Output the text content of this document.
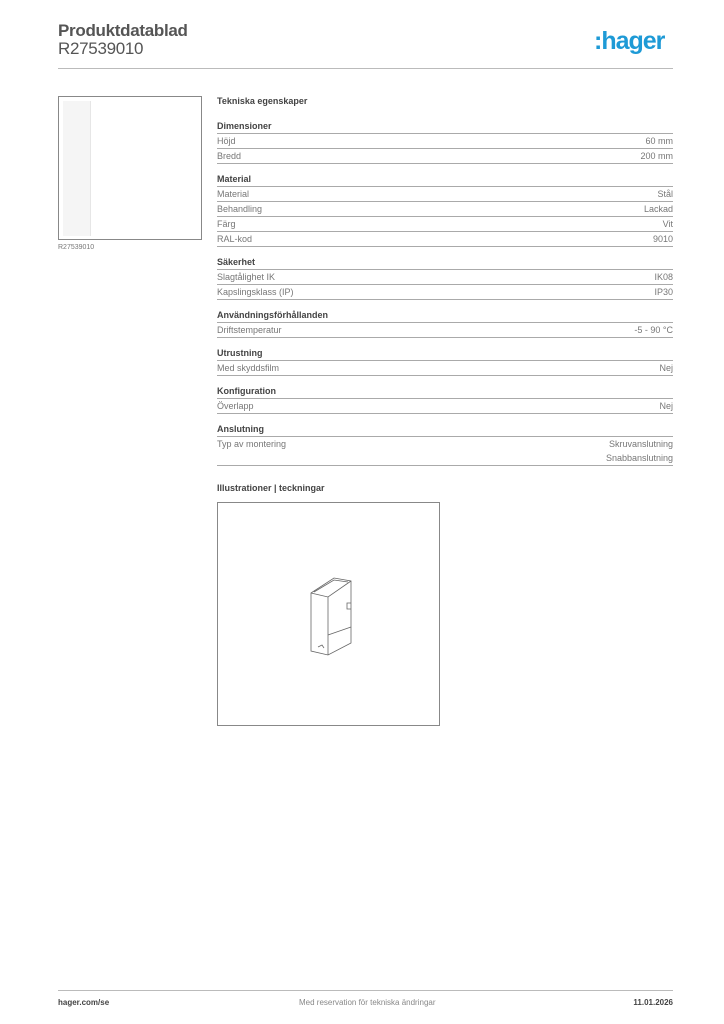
Produktdatablad
R27539010	:hager
R27539010
Tekniska egenskaper
Dimensioner
Höjd	60 mm
Bredd	200 mm
Material
Material	Stål
Behandling	Lackad
Färg	Vit
RAL-kod	9010
Säkerhet
Slagtålighet IK	IK08
Kapslingsklass (IP)	IP30
Användningsförhållanden
Driftstemperatur	-5 - 90 °C
Utrustning
Med skyddsfilm	Nej
Konfiguration
Överlapp	Nej
Anslutning
Typ av montering	Skruvanslutning
Snabbanslutning
Illustrationer | teckningar
hager.com/se	Med reservation för tekniska ändringar	11.01.2026
